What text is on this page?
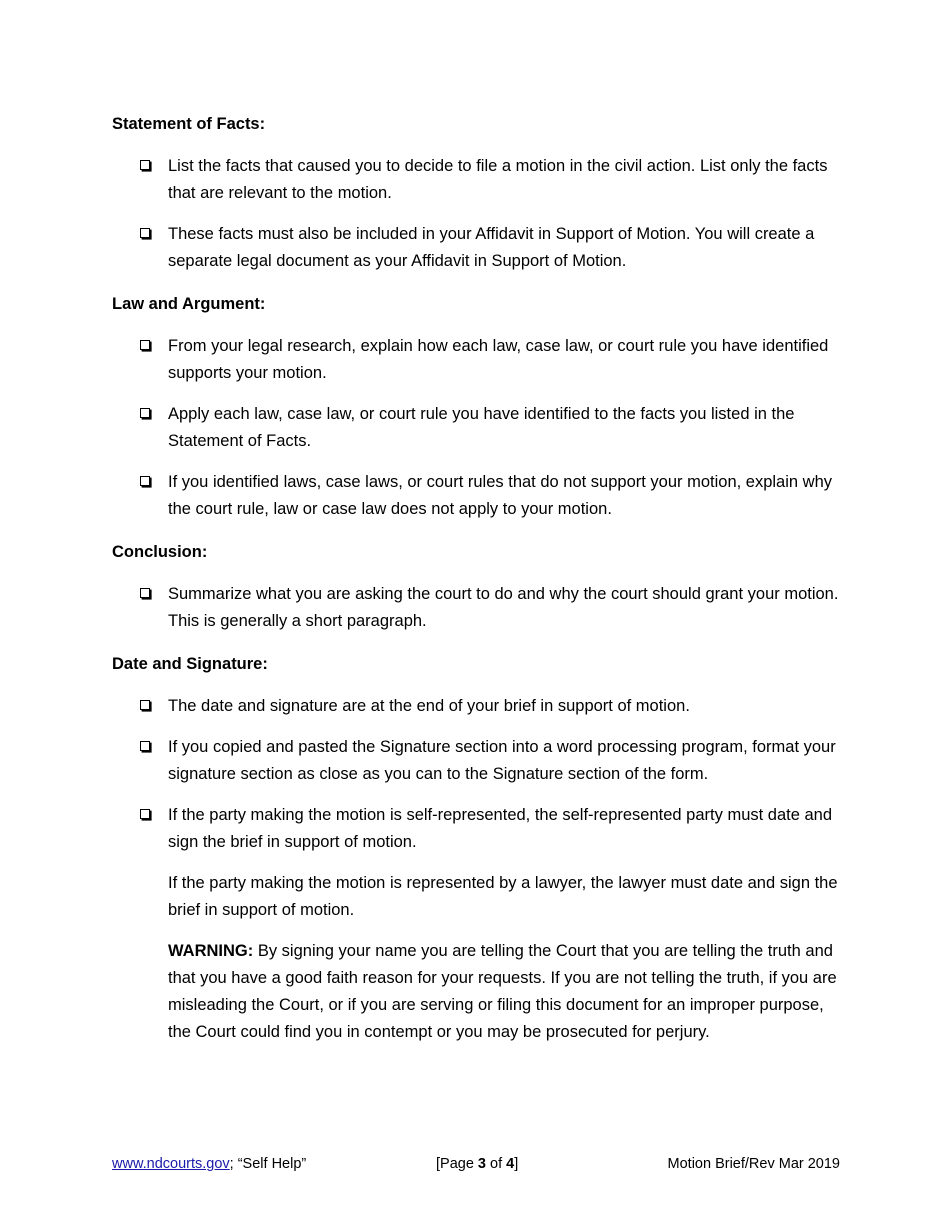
Statement of Facts:

List the facts that caused you to decide to file a motion in the civil action. List only the facts that are relevant to the motion.
These facts must also be included in your Affidavit in Support of Motion. You will create a separate legal document as your Affidavit in Support of Motion.

Law and Argument:

From your legal research, explain how each law, case law, or court rule you have identified supports your motion.
Apply each law, case law, or court rule you have identified to the facts you listed in the Statement of Facts.
If you identified laws, case laws, or court rules that do not support your motion, explain why the court rule, law or case law does not apply to your motion.

Conclusion:

Summarize what you are asking the court to do and why the court should grant your motion. This is generally a short paragraph.

Date and Signature:

The date and signature are at the end of your brief in support of motion.
If you copied and pasted the Signature section into a word processing program, format your signature section as close as you can to the Signature section of the form.
If the party making the motion is self-represented, the self-represented party must date and sign the brief in support of motion.

If the party making the motion is represented by a lawyer, the lawyer must date and sign the brief in support of motion.

WARNING: By signing your name you are telling the Court that you are telling the truth and that you have a good faith reason for your requests. If you are not telling the truth, if you are misleading the Court, or if you are serving or filing this document for an improper purpose, the Court could find you in contempt or you may be prosecuted for perjury.

www.ndcourts.gov; “Self Help”	[Page 3 of 4]	Motion Brief/Rev Mar 2019
